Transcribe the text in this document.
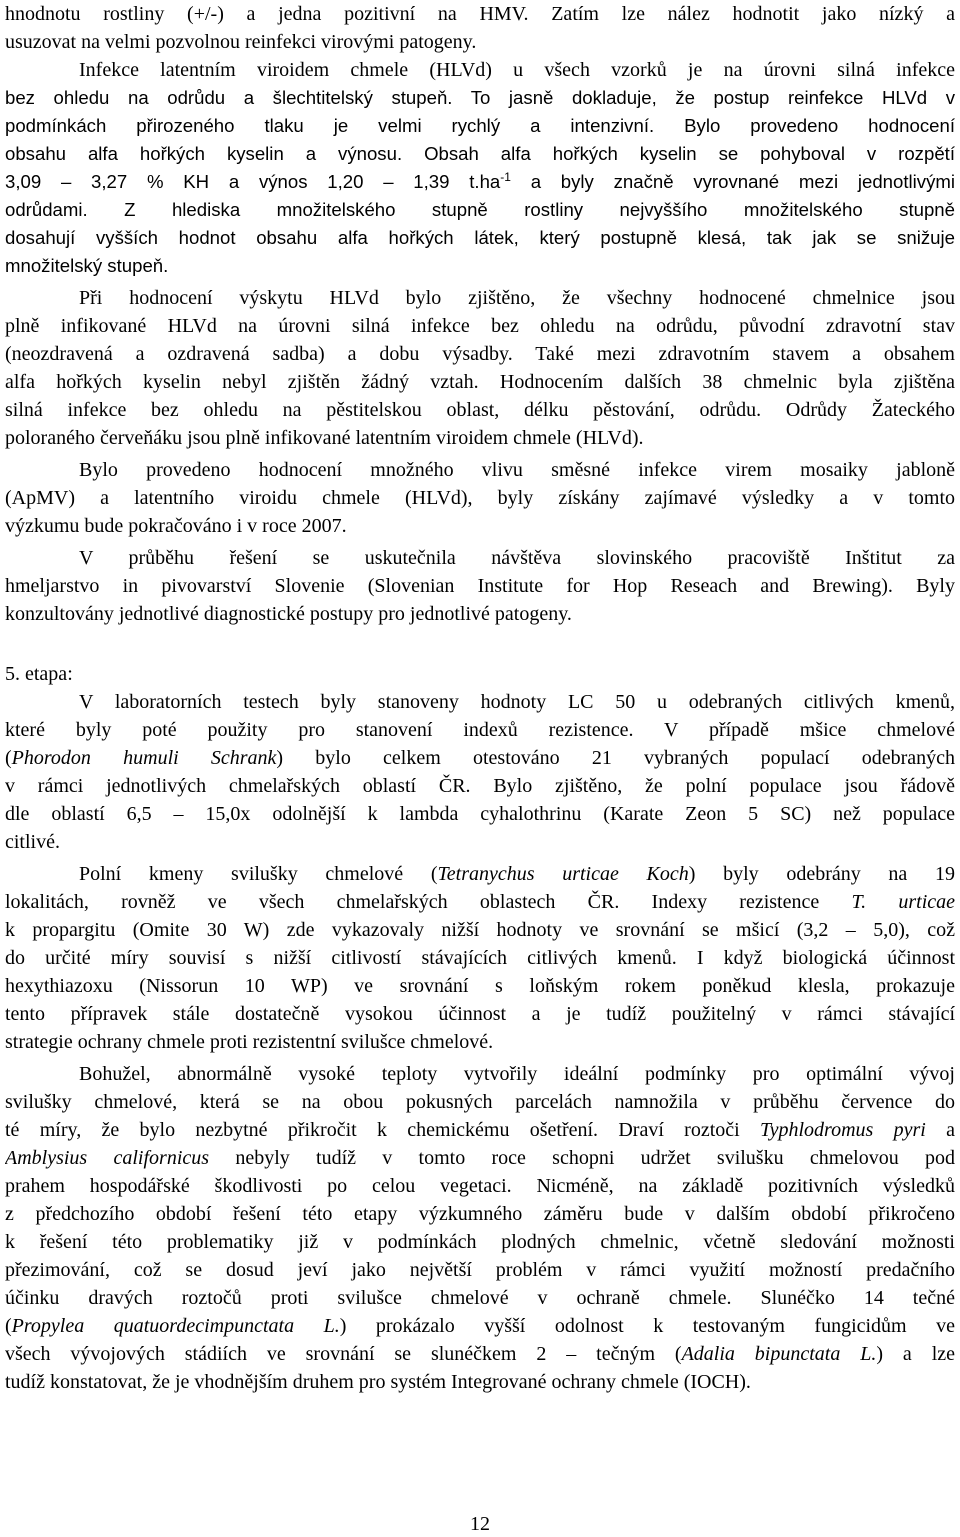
hnodnotu rostliny (+/-) a jedna pozitivní na HMV. Zatím lze nález hodnotit jako nízký a
usuzovat na velmi pozvolnou reinfekci virovými patogeny.
Infekce latentním viroidem chmele (HLVd) u všech vzorků je na úrovni silná infekce
bez ohledu na odrůdu a šlechtitelský stupeň. To jasně dokladuje, že postup reinfekce HLVd v
podmínkách přirozeného tlaku je velmi rychlý a intenzivní. Bylo provedeno hodnocení
obsahu alfa hořkých kyselin a výnosu. Obsah alfa hořkých kyselin se pohyboval v rozpětí
3,09 – 3,27 % KH a výnos 1,20 – 1,39 $t.ha^{-1}$ a byly značně vyrovnané mezi jednotlivými
odrůdami. Z hlediska množitelského stupně rostliny nejvyššího množitelského stupně
dosahují vyšších hodnot obsahu alfa hořkých látek, který postupně klesá, tak jak se snižuje
množitelský stupeň.
Při hodnocení výskytu HLVd bylo zjištěno, že všechny hodnocené chmelnice jsou
plně infikované HLVd na úrovni silná infekce bez ohledu na odrůdu, původní zdravotní stav
(neozdravená a ozdravená sadba) a dobu výsadby. Také mezi zdravotním stavem a obsahem
alfa hořkých kyselin nebyl zjištěn žádný vztah. Hodnocením dalších 38 chmelnic byla zjištěna
silná infekce bez ohledu na pěstitelskou oblast, délku pěstování, odrůdu. Odrůdy Žateckého
poloraného červeňáku jsou plně infikované latentním viroidem chmele (HLVd).
Bylo provedeno hodnocení množného vlivu směsné infekce virem mosaiky jabloně
(ApMV) a latentního viroidu chmele (HLVd), byly získány zajímavé výsledky a v tomto
výzkumu bude pokračováno i v roce 2007.
V průběhu řešení se uskutečnila návštěva slovinského pracoviště Inštitut za
hmeljarstvo in pivovarství Slovenie (Slovenian Institute for Hop Reseach and Brewing). Byly
konzultovány jednotlivé diagnostické postupy pro jednotlivé patogeny.
5. etapa:
V laboratorních testech byly stanoveny hodnoty LC 50 u odebraných citlivých kmenů,
které byly poté použity pro stanovení indexů rezistence. V případě mšice chmelové
(Phorodon humuli Schrank) bylo celkem otestováno 21 vybraných populací odebraných
v rámci jednotlivých chmelařských oblastí ČR. Bylo zjištěno, že polní populace jsou řádově
dle oblastí 6,5 – 15,0x odolnější k lambda cyhalothrinu (Karate Zeon 5 SC) než populace
citlivé.
Polní kmeny svilušky chmelové (Tetranychus urticae Koch) byly odebrány na 19
lokalitách, rovněž ve všech chmelařských oblastech ČR. Indexy rezistence T. urticae
k propargitu (Omite 30 W) zde vykazovaly nižší hodnoty ve srovnání se mšicí (3,2 – 5,0), což
do určité míry souvisí s nižší citlivostí stávajících citlivých kmenů. I když biologická účinnost
hexythiazoxu (Nissorun 10 WP) ve srovnání s loňským rokem poněkud klesla, prokazuje
tento přípravek stále dostatečně vysokou účinnost a je tudíž použitelný v rámci stávající
strategie ochrany chmele proti rezistentní svilušce chmelové.
Bohužel, abnormálně vysoké teploty vytvořily ideální podmínky pro optimální vývoj
svilušky chmelové, která se na obou pokusných parcelách namnožila v průběhu července do
té míry, že bylo nezbytné přikročit k chemickému ošetření. Draví roztoči Typhlodromus pyri a
Amblysius californicus nebyly tudíž v tomto roce schopni udržet svilušku chmelovou pod
prahem hospodářské škodlivosti po celou vegetaci. Nicméně, na základě pozitivních výsledků
z předchozího období řešení této etapy výzkumného záměru bude v dalším období přikročeno
k řešení této problematiky již v podmínkách plodných chmelnic, včetně sledování možnosti
přezimování, což se dosud jeví jako největší problém v rámci využití možností predačního
účinku dravých roztočů proti svilušce chmelové v ochraně chmele. Slunéčko 14 tečné
(Propylea quatuordecimpunctata L.) prokázalo vyšší odolnost k testovaným fungicidům ve
všech vývojových stádiích ve srovnání se slunéčkem 2 – tečným (Adalia bipunctata L.) a lze
tudíž konstatovat, že je vhodnějším druhem pro systém Integrované ochrany chmele (IOCH).
12
